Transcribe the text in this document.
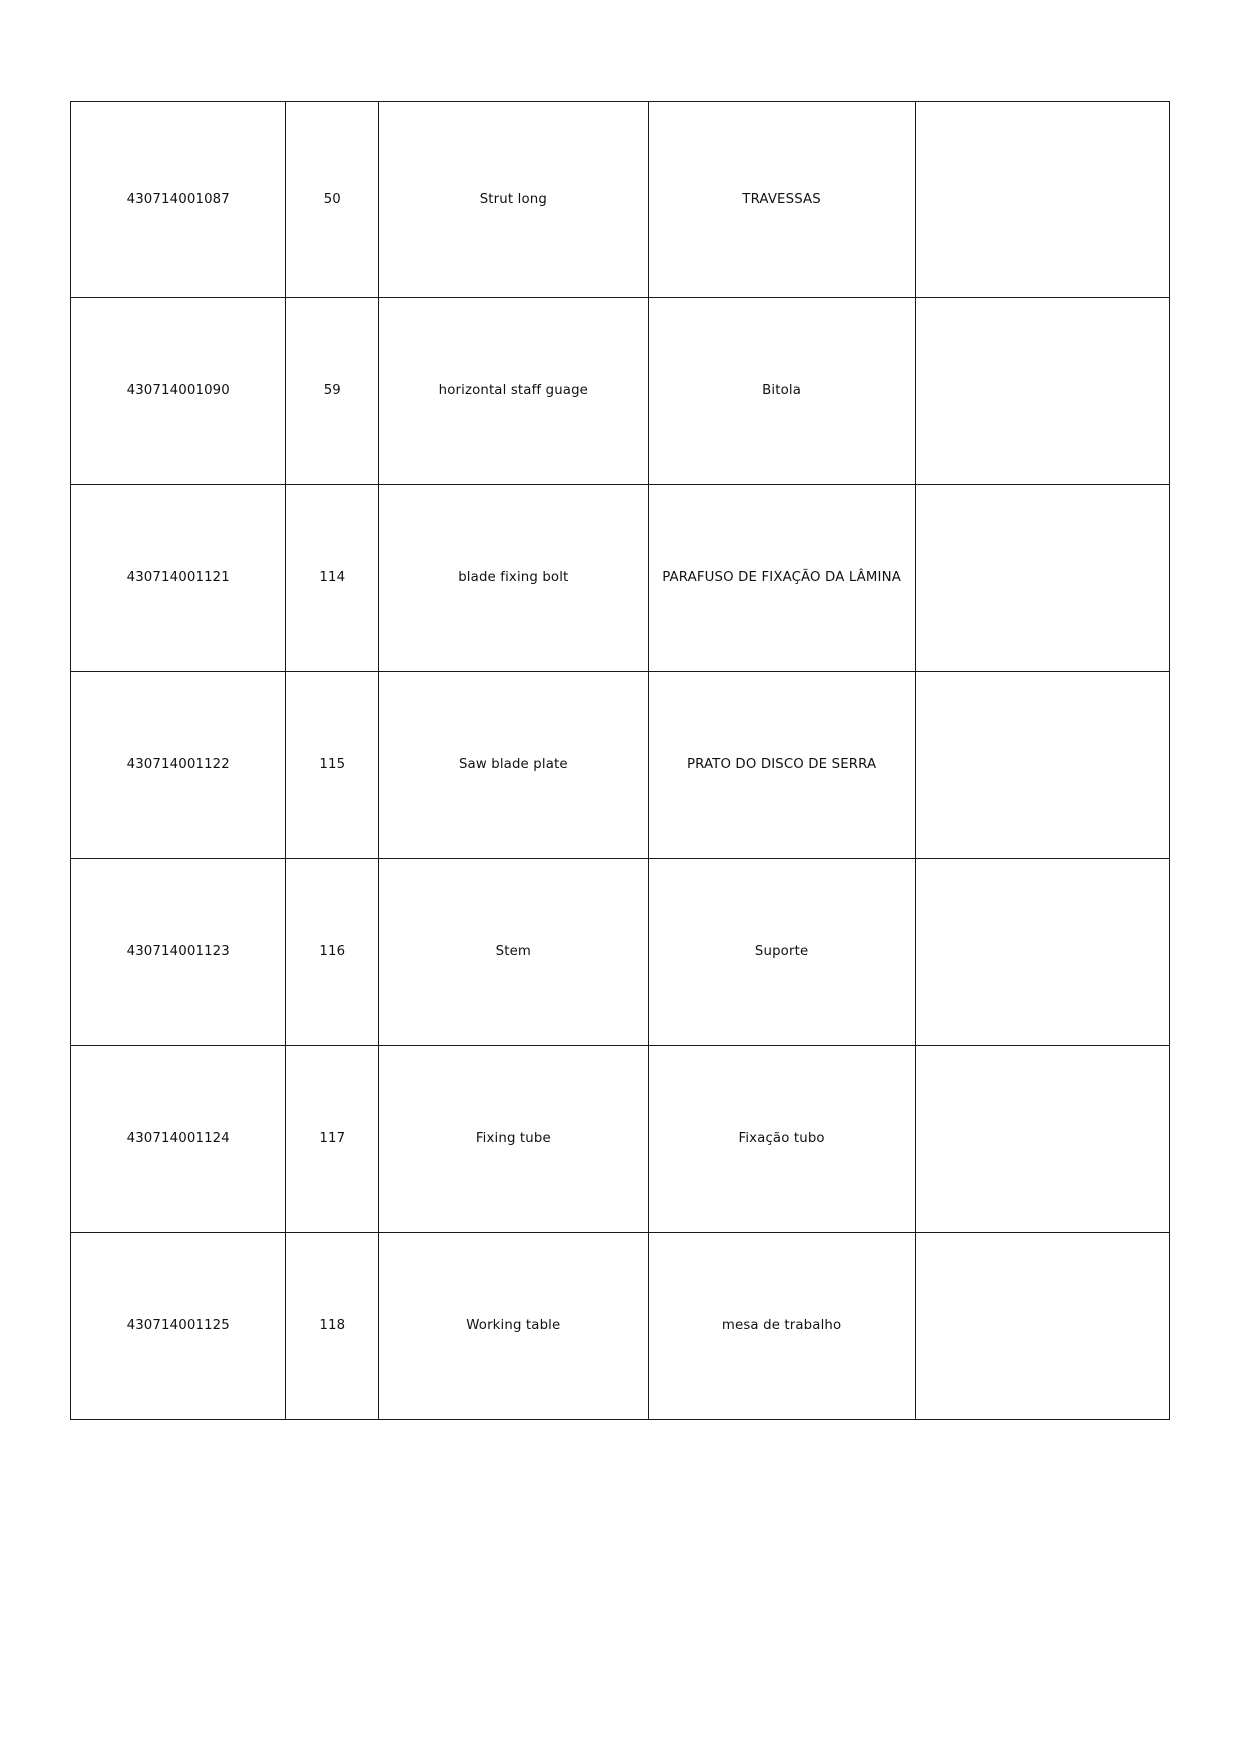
430714001087	50	Strut long	TRAVESSAS	

430714001090	59	horizontal staff guage	Bitola	

430714001121	114	blade fixing bolt	PARAFUSO DE FIXAÇÃO DA LÂMINA

430714001122	115	Saw blade plate	PRATO DO DISCO DE SERRA

430714001123	116	Stem	Suporte

430714001124	117	Fixing tube	Fixação tubo	

430714001125	118	Working table	mesa de trabalho	
